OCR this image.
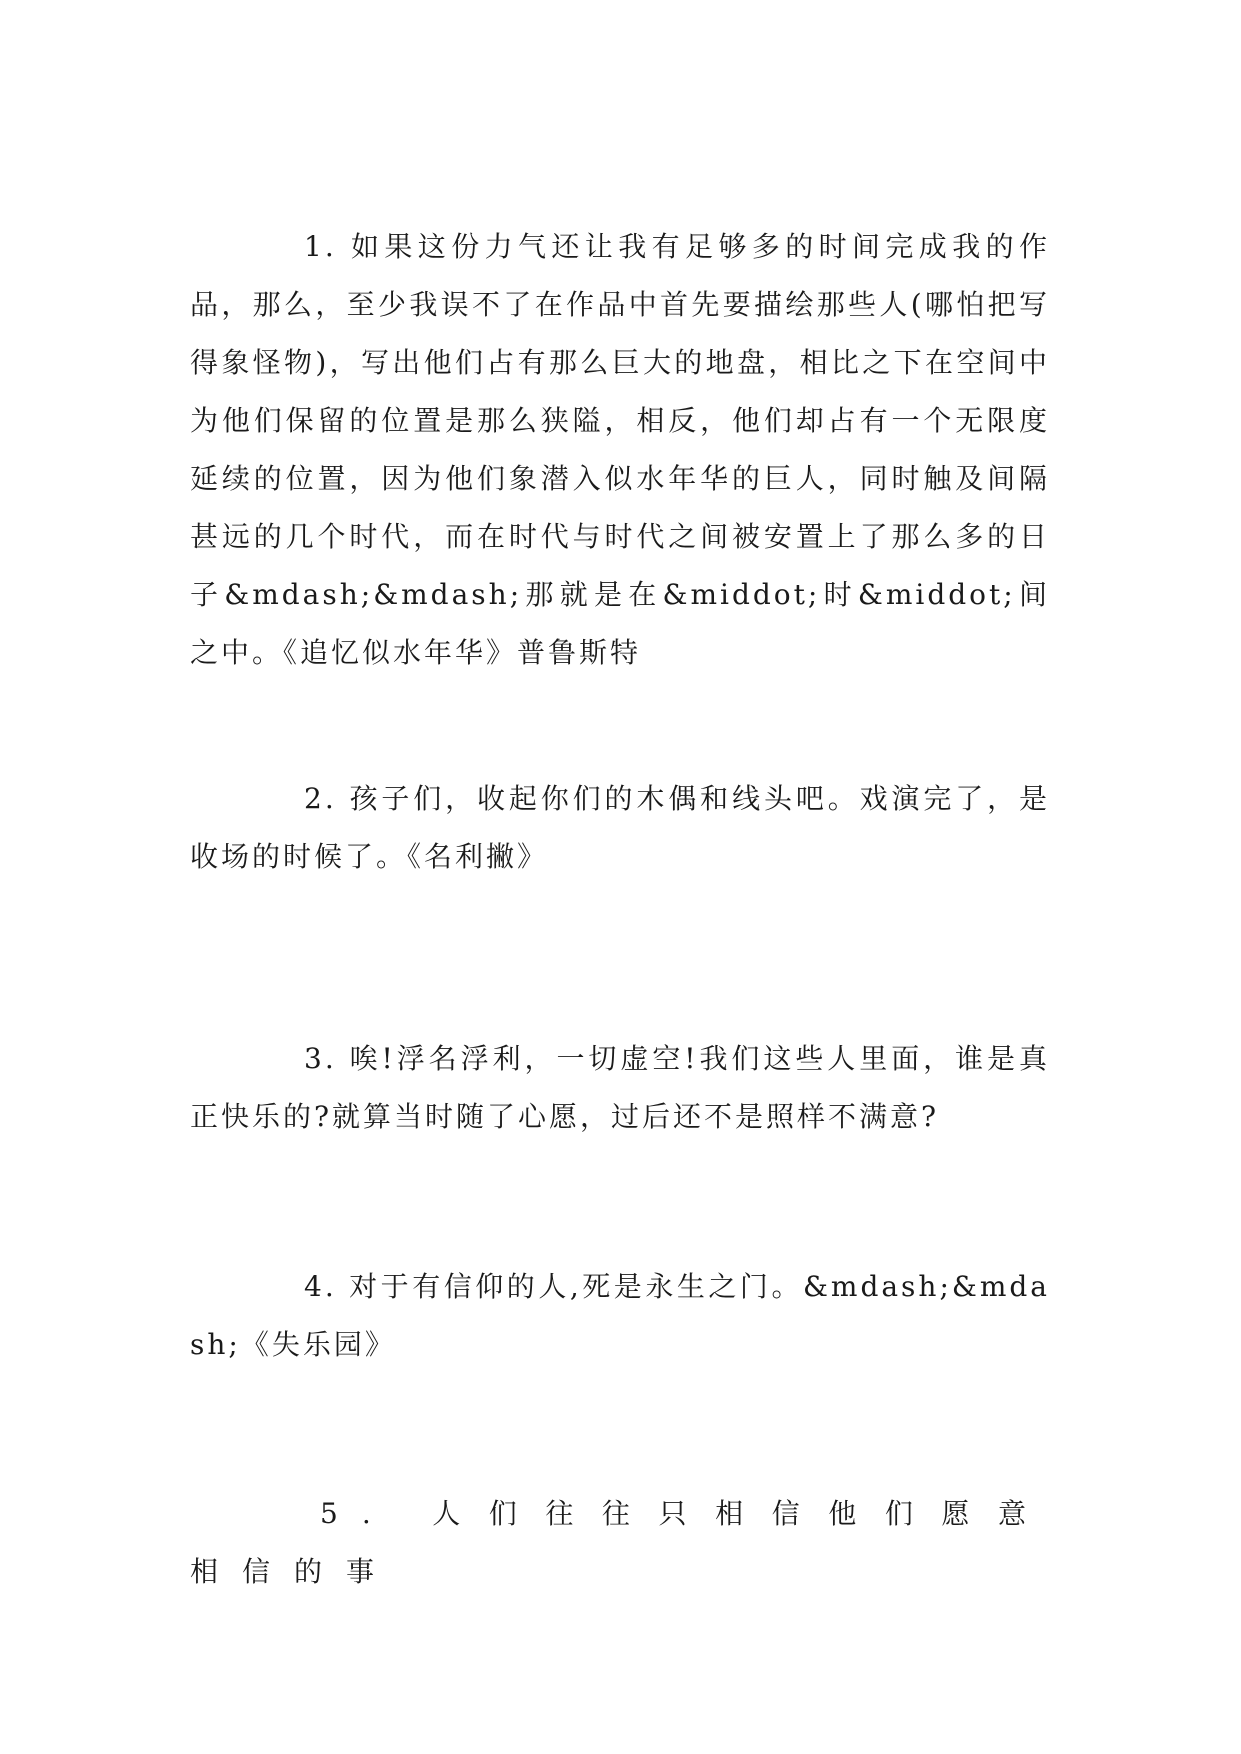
1. 如果这份力气还让我有足够多的时间完成我的作品，那么，至少我误不了在作品中首先要描绘那些人(哪怕把写得象怪物)，写出他们占有那么巨大的地盘，相比之下在空间中为他们保留的位置是那么狭隘，相反，他们却占有一个无限度延续的位置，因为他们象潜入似水年华的巨人，同时触及间隔甚远的几个时代，而在时代与时代之间被安置上了那么多的日子&mdash;&mdash;那就是在&middot;时&middot;间之中。《追忆似水年华》普鲁斯特

2. 孩子们，收起你们的木偶和线头吧。戏演完了，是收场的时候了。《名利撇》

3. 唉!浮名浮利，一切虚空!我们这些人里面，谁是真正快乐的?就算当时随了心愿，过后还不是照样不满意?

4. 对于有信仰的人,死是永生之门。&mdash;&mdash;《失乐园》

5. 人们往往只相信他们愿意相信的事
